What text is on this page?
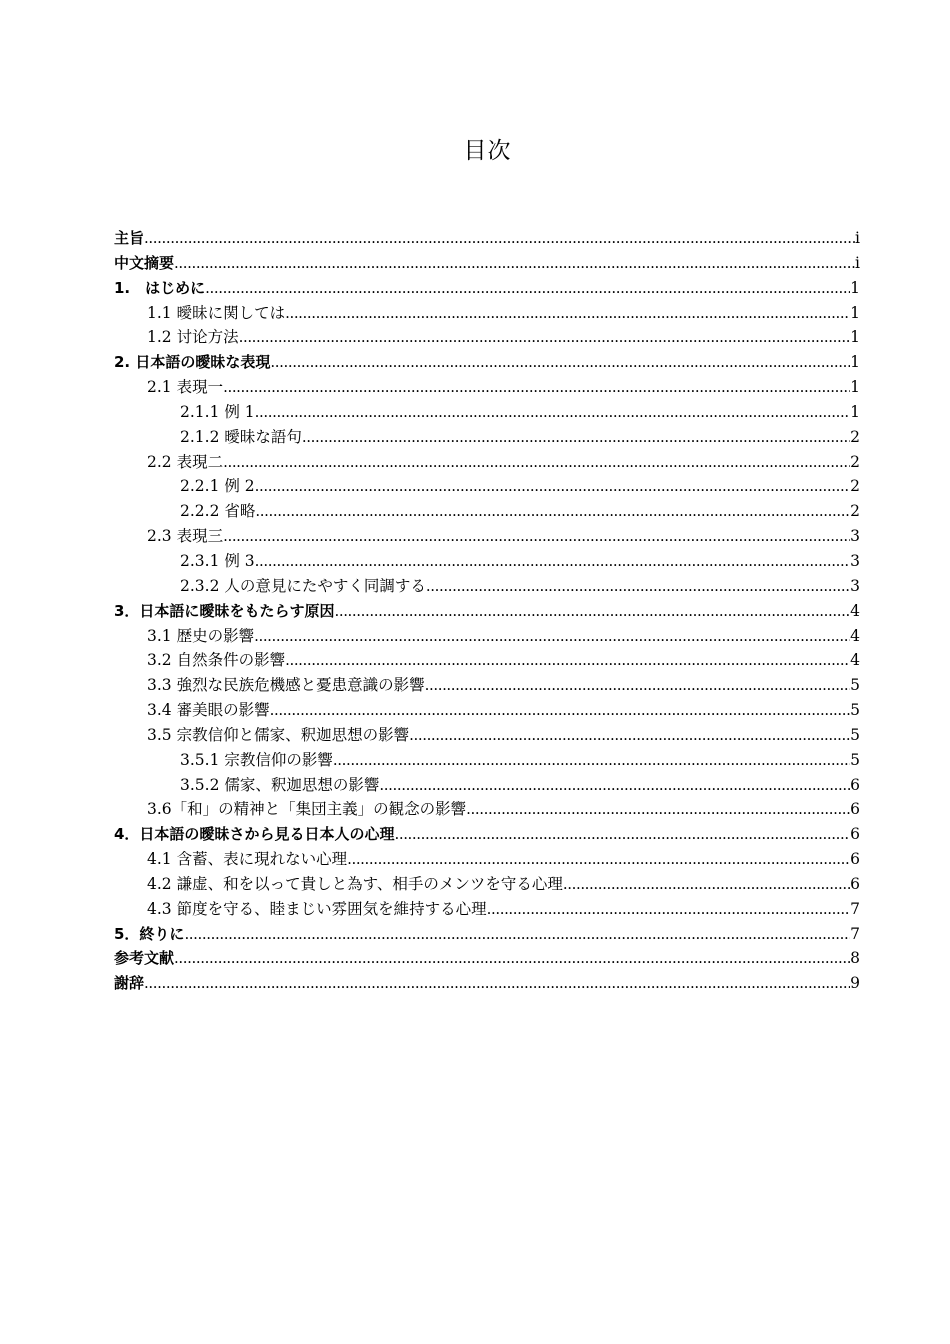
目次
主旨 .....	i
中文摘要 .....	i
1.　はじめに .....	1
1.1 曖昧に関しては .....	1
1.2 讨论方法 .....	1
2. 日本語の曖昧な表現 .....	1
2.1 表現一 .....	1
2.1.1 例 1 .....	1
2.1.2 曖昧な語句 .....	2
2.2 表現二 .....	2
2.2.1 例 2 .....	2
2.2.2 省略 .....	2
2.3 表現三 .....	3
2.3.1 例 3 .....	3
2.3.2 人の意見にたやすく同調する .....	3
3．日本語に曖昧をもたらす原因 .....	4
3.1 歴史の影響 .....	4
3.2 自然条件の影響 .....	4
3.3 強烈な民族危機感と憂患意識の影響 .....	5
3.4 審美眼の影響 .....	5
3.5 宗教信仰と儒家、釈迦思想の影響 .....	5
3.5.1 宗教信仰の影響 .....	5
3.5.2 儒家、釈迦思想の影響 .....	6
3.6「和」の精神と「集団主義」の観念の影響 .....	6
4．日本語の曖昧さから見る日本人の心理 .....	6
4.1 含蓄、表に現れない心理 .....	6
4.2 謙虚、和を以って貴しと為す、相手のメンツを守る心理 .....	6
4.3 節度を守る、睦まじい雰囲気を維持する心理 .....	7
5．終りに .....	7
参考文献 .....	8
謝辞 .....	9
